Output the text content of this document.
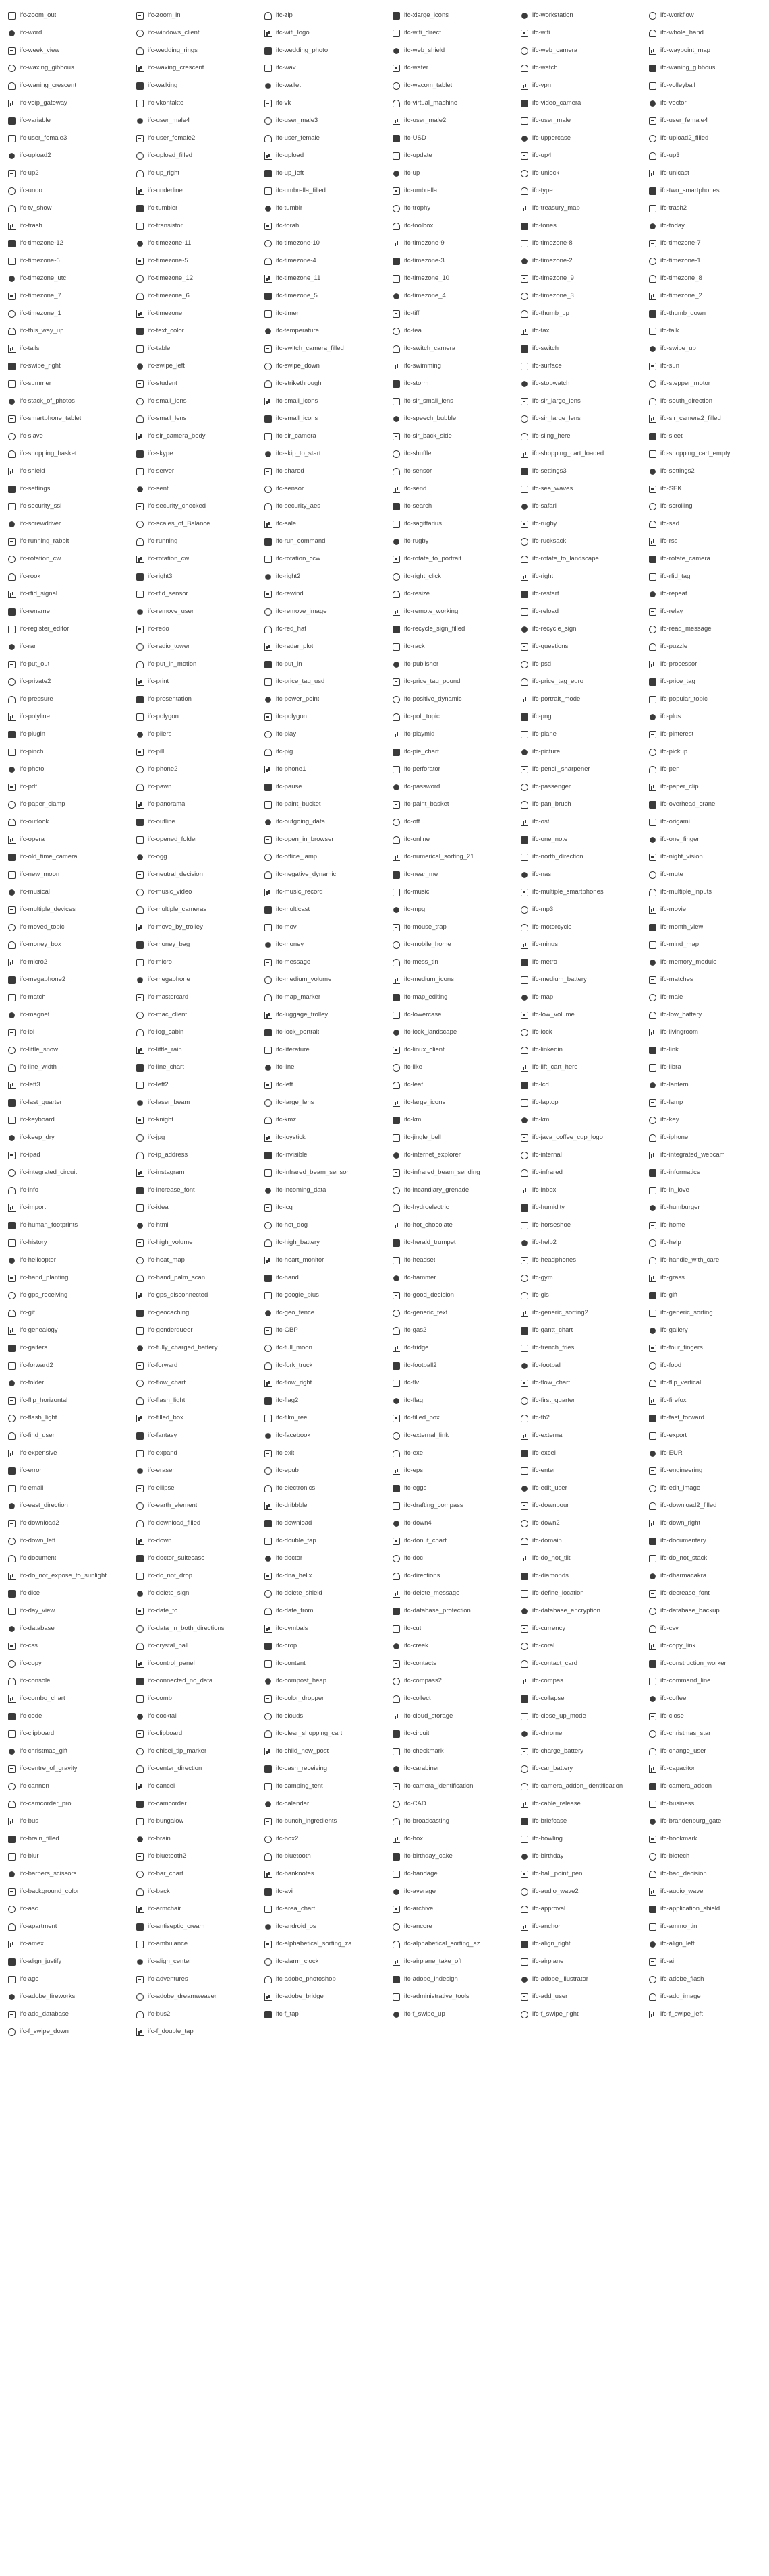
ifc-zoom_out	ifc-zoom_in	ifc-zip	ifc-xlarge_icons	ifc-workstation	ifc-workflow
ifc-word	ifc-windows_client	ifc-wifi_logo	ifc-wifi_direct	ifc-wifi	ifc-whole_hand
ifc-week_view	ifc-wedding_rings	ifc-wedding_photo	ifc-web_shield	ifc-web_camera	ifc-waypoint_map
ifc-waxing_gibbous	ifc-waxing_crescent	ifc-wav	ifc-water	ifc-watch	ifc-waning_gibbous
ifc-waning_crescent	ifc-walking	ifc-wallet	ifc-wacom_tablet	ifc-vpn	ifc-volleyball
ifc-voip_gateway	ifc-vkontakte	ifc-vk	ifc-virtual_mashine	ifc-video_camera	ifc-vector
ifc-variable	ifc-user_male4	ifc-user_male3	ifc-user_male2	ifc-user_male	ifc-user_female4
ifc-user_female3	ifc-user_female2	ifc-user_female	ifc-USD	ifc-uppercase	ifc-upload2_filled
ifc-upload2	ifc-upload_filled	ifc-upload	ifc-update	ifc-up4	ifc-up3
ifc-up2	ifc-up_right	ifc-up_left	ifc-up	ifc-unlock	ifc-unicast
ifc-undo	ifc-underline	ifc-umbrella_filled	ifc-umbrella	ifc-type	ifc-two_smartphones
ifc-tv_show	ifc-tumbler	ifc-tumblr	ifc-trophy	ifc-treasury_map	ifc-trash2
ifc-trash	ifc-transistor	ifc-torah	ifc-toolbox	ifc-tones	ifc-today
ifc-timezone-12	ifc-timezone-11	ifc-timezone-10	ifc-timezone-9	ifc-timezone-8	ifc-timezone-7
ifc-timezone-6	ifc-timezone-5	ifc-timezone-4	ifc-timezone-3	ifc-timezone-2	ifc-timezone-1
ifc-timezone_utc	ifc-timezone_12	ifc-timezone_11	ifc-timezone_10	ifc-timezone_9	ifc-timezone_8
ifc-timezone_7	ifc-timezone_6	ifc-timezone_5	ifc-timezone_4	ifc-timezone_3	ifc-timezone_2
ifc-timezone_1	ifc-timezone	ifc-timer	ifc-tiff	ifc-thumb_up	ifc-thumb_down
ifc-this_way_up	ifc-text_color	ifc-temperature	ifc-tea	ifc-taxi	ifc-talk
ifc-tails	ifc-table	ifc-switch_camera_filled	ifc-switch_camera	ifc-switch	ifc-swipe_up
ifc-swipe_right	ifc-swipe_left	ifc-swipe_down	ifc-swimming	ifc-surface	ifc-sun
ifc-summer	ifc-student	ifc-strikethrough	ifc-storm	ifc-stopwatch	ifc-stepper_motor
ifc-stack_of_photos	ifc-small_lens	ifc-small_icons	ifc-sir_small_lens	ifc-sir_large_lens	ifc-south_direction
ifc-smartphone_tablet	ifc-small_lens	ifc-small_icons	ifc-speech_bubble	ifc-sir_large_lens	ifc-sir_camera2_filled
ifc-slave	ifc-sir_camera_body	ifc-sir_camera	ifc-sir_back_side	ifc-sling_here	ifc-sleet
ifc-shopping_basket	ifc-skype	ifc-skip_to_start	ifc-shuffle	ifc-shopping_cart_loaded	ifc-shopping_cart_empty
ifc-shield	ifc-server	ifc-shared	ifc-sensor	ifc-settings3	ifc-settings2
ifc-settings	ifc-sent	ifc-sensor	ifc-send	ifc-sea_waves	ifc-SEK
ifc-security_ssl	ifc-security_checked	ifc-security_aes	ifc-search	ifc-safari	ifc-scrolling
ifc-screwdriver	ifc-scales_of_Balance	ifc-sale	ifc-sagittarius	ifc-rugby	ifc-sad
ifc-running_rabbit	ifc-running	ifc-run_command	ifc-rugby	ifc-rucksack	ifc-rss
ifc-rotation_cw	ifc-rotation_cw	ifc-rotation_ccw	ifc-rotate_to_portrait	ifc-rotate_to_landscape	ifc-rotate_camera
ifc-rook	ifc-right3	ifc-right2	ifc-right_click	ifc-right	ifc-rfid_tag
ifc-rfid_signal	ifc-rfid_sensor	ifc-rewind	ifc-resize	ifc-restart	ifc-repeat
ifc-rename	ifc-remove_user	ifc-remove_image	ifc-remote_working	ifc-reload	ifc-relay
ifc-register_editor	ifc-redo	ifc-red_hat	ifc-recycle_sign_filled	ifc-recycle_sign	ifc-read_message
ifc-rar	ifc-radio_tower	ifc-radar_plot	ifc-rack	ifc-questions	ifc-puzzle
ifc-put_out	ifc-put_in_motion	ifc-put_in	ifc-publisher	ifc-psd	ifc-processor
ifc-private2	ifc-print	ifc-price_tag_usd	ifc-price_tag_pound	ifc-price_tag_euro	ifc-price_tag
ifc-pressure	ifc-presentation	ifc-power_point	ifc-positive_dynamic	ifc-portrait_mode	ifc-popular_topic
ifc-polyline	ifc-polygon	ifc-polygon	ifc-poll_topic	ifc-png	ifc-plus
ifc-plugin	ifc-pliers	ifc-play	ifc-playmid	ifc-plane	ifc-pinterest
ifc-pinch	ifc-pill	ifc-pig	ifc-pie_chart	ifc-picture	ifc-pickup
ifc-photo	ifc-phone2	ifc-phone1	ifc-perforator	ifc-pencil_sharpener	ifc-pen
ifc-pdf	ifc-pawn	ifc-pause	ifc-password	ifc-passenger	ifc-paper_clip
ifc-paper_clamp	ifc-panorama	ifc-paint_bucket	ifc-paint_basket	ifc-pan_brush	ifc-overhead_crane
ifc-outlook	ifc-outline	ifc-outgoing_data	ifc-otf	ifc-ost	ifc-origami
ifc-opera	ifc-opened_folder	ifc-open_in_browser	ifc-online	ifc-one_note	ifc-one_finger
ifc-old_time_camera	ifc-ogg	ifc-office_lamp	ifc-numerical_sorting_21	ifc-north_direction	ifc-night_vision
ifc-new_moon	ifc-neutral_decision	ifc-negative_dynamic	ifc-near_me	ifc-nas	ifc-mute
ifc-musical	ifc-music_video	ifc-music_record	ifc-music	ifc-multiple_smartphones	ifc-multiple_inputs
ifc-multiple_devices	ifc-multiple_cameras	ifc-multicast	ifc-mpg	ifc-mp3	ifc-movie
ifc-moved_topic	ifc-move_by_trolley	ifc-mov	ifc-mouse_trap	ifc-motorcycle	ifc-month_view
ifc-money_box	ifc-money_bag	ifc-money	ifc-mobile_home	ifc-minus	ifc-mind_map
ifc-micro2	ifc-micro	ifc-message	ifc-mess_tin	ifc-metro	ifc-memory_module
ifc-megaphone2	ifc-megaphone	ifc-medium_volume	ifc-medium_icons	ifc-medium_battery	ifc-matches
ifc-match	ifc-mastercard	ifc-map_marker	ifc-map_editing	ifc-map	ifc-male
ifc-magnet	ifc-mac_client	ifc-luggage_trolley	ifc-lowercase	ifc-low_volume	ifc-low_battery
ifc-lol	ifc-log_cabin	ifc-lock_portrait	ifc-lock_landscape	ifc-lock	ifc-livingroom
ifc-little_snow	ifc-little_rain	ifc-literature	ifc-linux_client	ifc-linkedin	ifc-link
ifc-line_width	ifc-line_chart	ifc-line	ifc-like	ifc-lift_cart_here	ifc-libra
ifc-left3	ifc-left2	ifc-left	ifc-leaf	ifc-lcd	ifc-lantern
ifc-last_quarter	ifc-laser_beam	ifc-large_lens	ifc-large_icons	ifc-laptop	ifc-lamp
ifc-keyboard	ifc-knight	ifc-kmz	ifc-kml	ifc-kml	ifc-key
ifc-keep_dry	ifc-jpg	ifc-joystick	ifc-jingle_bell	ifc-java_coffee_cup_logo	ifc-iphone
ifc-ipad	ifc-ip_address	ifc-invisible	ifc-internet_explorer	ifc-internal	ifc-integrated_webcam
ifc-integrated_circuit	ifc-instagram	ifc-infrared_beam_sensor	ifc-infrared_beam_sending	ifc-infrared	ifc-informatics
ifc-info	ifc-increase_font	ifc-incoming_data	ifc-incandiary_grenade	ifc-inbox	ifc-in_love
ifc-import	ifc-idea	ifc-icq	ifc-hydroelectric	ifc-humidity	ifc-humburger
ifc-human_footprints	ifc-html	ifc-hot_dog	ifc-hot_chocolate	ifc-horseshoe	ifc-home
ifc-history	ifc-high_volume	ifc-high_battery	ifc-herald_trumpet	ifc-help2	ifc-help
ifc-helicopter	ifc-heat_map	ifc-heart_monitor	ifc-headset	ifc-headphones	ifc-handle_with_care
ifc-hand_planting	ifc-hand_palm_scan	ifc-hand	ifc-hammer	ifc-gym	ifc-grass
ifc-gps_receiving	ifc-gps_disconnected	ifc-google_plus	ifc-good_decision	ifc-gis	ifc-gift
ifc-gif	ifc-geocaching	ifc-geo_fence	ifc-generic_text	ifc-generic_sorting2	ifc-generic_sorting
ifc-genealogy	ifc-genderqueer	ifc-GBP	ifc-gas2	ifc-gantt_chart	ifc-gallery
ifc-gaiters	ifc-fully_charged_battery	ifc-full_moon	ifc-fridge	ifc-french_fries	ifc-four_fingers
ifc-forward2	ifc-forward	ifc-fork_truck	ifc-football2	ifc-football	ifc-food
ifc-folder	ifc-flow_chart	ifc-flow_right	ifc-flv	ifc-flow_chart	ifc-flip_vertical
ifc-flip_horizontal	ifc-flash_light	ifc-flag2	ifc-flag	ifc-first_quarter	ifc-firefox
ifc-flash_light	ifc-filled_box	ifc-film_reel	ifc-filled_box	ifc-fb2	ifc-fast_forward
ifc-find_user	ifc-fantasy	ifc-facebook	ifc-external_link	ifc-external	ifc-export
ifc-expensive	ifc-expand	ifc-exit	ifc-exe	ifc-excel	ifc-EUR
ifc-error	ifc-eraser	ifc-epub	ifc-eps	ifc-enter	ifc-engineering
ifc-email	ifc-ellipse	ifc-electronics	ifc-eggs	ifc-edit_user	ifc-edit_image
ifc-east_direction	ifc-earth_element	ifc-dribbble	ifc-drafting_compass	ifc-downpour	ifc-download2_filled
ifc-download2	ifc-download_filled	ifc-download	ifc-down4	ifc-down2	ifc-down_right
ifc-down_left	ifc-down	ifc-double_tap	ifc-donut_chart	ifc-domain	ifc-documentary
ifc-document	ifc-doctor_suitecase	ifc-doctor	ifc-doc	ifc-do_not_tilt	ifc-do_not_stack
ifc-do_not_expose_to_sunlight	ifc-do_not_drop	ifc-dna_helix	ifc-directions	ifc-diamonds	ifc-dharmacakra
ifc-dice	ifc-delete_sign	ifc-delete_shield	ifc-delete_message	ifc-define_location	ifc-decrease_font
ifc-day_view	ifc-date_to	ifc-date_from	ifc-database_protection	ifc-database_encryption	ifc-database_backup
ifc-database	ifc-data_in_both_directions	ifc-cymbals	ifc-cut	ifc-currency	ifc-csv
ifc-css	ifc-crystal_ball	ifc-crop	ifc-creek	ifc-coral	ifc-copy_link
ifc-copy	ifc-control_panel	ifc-content	ifc-contacts	ifc-contact_card	ifc-construction_worker
ifc-console	ifc-connected_no_data	ifc-compost_heap	ifc-compass2	ifc-compas	ifc-command_line
ifc-combo_chart	ifc-comb	ifc-color_dropper	ifc-collect	ifc-collapse	ifc-coffee
ifc-code	ifc-cocktail	ifc-clouds	ifc-cloud_storage	ifc-close_up_mode	ifc-close
ifc-clipboard	ifc-clipboard	ifc-clear_shopping_cart	ifc-circuit	ifc-chrome	ifc-christmas_star
ifc-christmas_gift	ifc-chisel_tip_marker	ifc-child_new_post	ifc-checkmark	ifc-charge_battery	ifc-change_user
ifc-centre_of_gravity	ifc-center_direction	ifc-cash_receiving	ifc-carabiner	ifc-car_battery	ifc-capacitor
ifc-cannon	ifc-cancel	ifc-camping_tent	ifc-camera_identification	ifc-camera_addon_identification	ifc-camera_addon
ifc-camcorder_pro	ifc-camcorder	ifc-calendar	ifc-CAD	ifc-cable_release	ifc-business
ifc-bus	ifc-bungalow	ifc-bunch_ingredients	ifc-broadcasting	ifc-briefcase	ifc-brandenburg_gate
ifc-brain_filled	ifc-brain	ifc-box2	ifc-box	ifc-bowling	ifc-bookmark
ifc-blur	ifc-bluetooth2	ifc-bluetooth	ifc-birthday_cake	ifc-birthday	ifc-biotech
ifc-barbers_scissors	ifc-bar_chart	ifc-banknotes	ifc-bandage	ifc-ball_point_pen	ifc-bad_decision
ifc-background_color	ifc-back	ifc-avi	ifc-average	ifc-audio_wave2	ifc-audio_wave
ifc-asc	ifc-armchair	ifc-area_chart	ifc-archive	ifc-approval	ifc-application_shield
ifc-apartment	ifc-antiseptic_cream	ifc-android_os	ifc-ancore	ifc-anchor	ifc-ammo_tin
ifc-amex	ifc-ambulance	ifc-alphabetical_sorting_za	ifc-alphabetical_sorting_az	ifc-align_right	ifc-align_left
ifc-align_justify	ifc-align_center	ifc-alarm_clock	ifc-airplane_take_off	ifc-airplane	ifc-ai
ifc-age	ifc-adventures	ifc-adobe_photoshop	ifc-adobe_indesign	ifc-adobe_illustrator	ifc-adobe_flash
ifc-adobe_fireworks	ifc-adobe_dreamweaver	ifc-adobe_bridge	ifc-administrative_tools	ifc-add_user	ifc-add_image
ifc-add_database	ifc-bus2	ifc-f_tap	ifc-f_swipe_up	ifc-f_swipe_right	ifc-f_swipe_left
ifc-f_swipe_down	ifc-f_double_tap
